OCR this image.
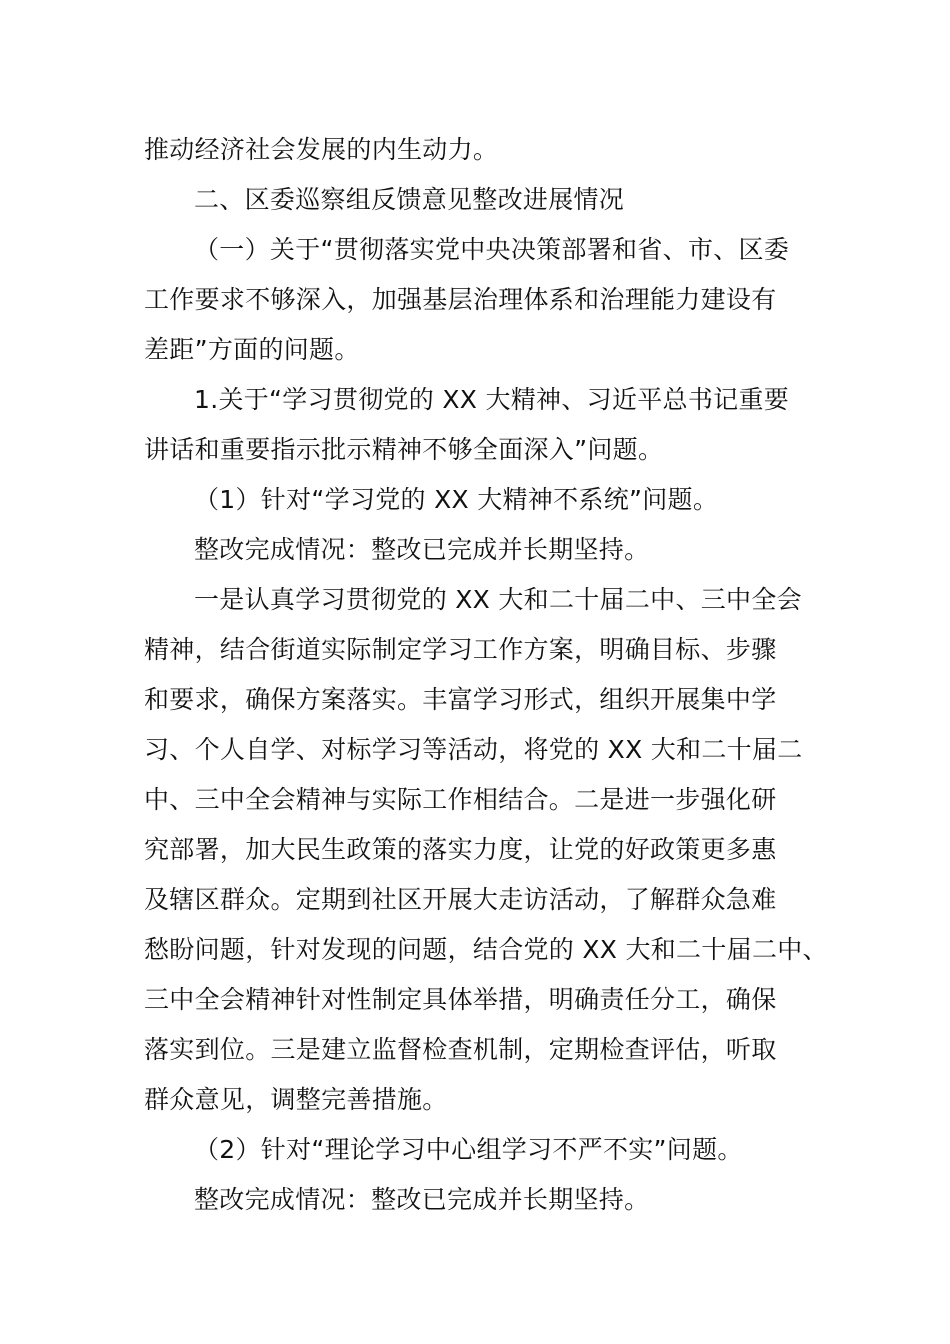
推动经济社会发展的内生动力。
二、区委巡察组反馈意见整改进展情况
（一）关于“贯彻落实党中央决策部署和省、市、区委
工作要求不够深入，加强基层治理体系和治理能力建设有
差距”方面的问题。
1.关于“学习贯彻党的 XX 大精神、习近平总书记重要
讲话和重要指示批示精神不够全面深入”问题。
（1）针对“学习党的 XX 大精神不系统”问题。
整改完成情况：整改已完成并长期坚持。
一是认真学习贯彻党的 XX 大和二十届二中、三中全会
精神，结合街道实际制定学习工作方案，明确目标、步骤
和要求，确保方案落实。丰富学习形式，组织开展集中学
习、个人自学、对标学习等活动，将党的 XX 大和二十届二
中、三中全会精神与实际工作相结合。二是进一步强化研
究部署，加大民生政策的落实力度，让党的好政策更多惠
及辖区群众。定期到社区开展大走访活动，了解群众急难
愁盼问题，针对发现的问题，结合党的 XX 大和二十届二中、
三中全会精神针对性制定具体举措，明确责任分工，确保
落实到位。三是建立监督检查机制，定期检查评估，听取
群众意见，调整完善措施。
（2）针对“理论学习中心组学习不严不实”问题。
整改完成情况：整改已完成并长期坚持。
